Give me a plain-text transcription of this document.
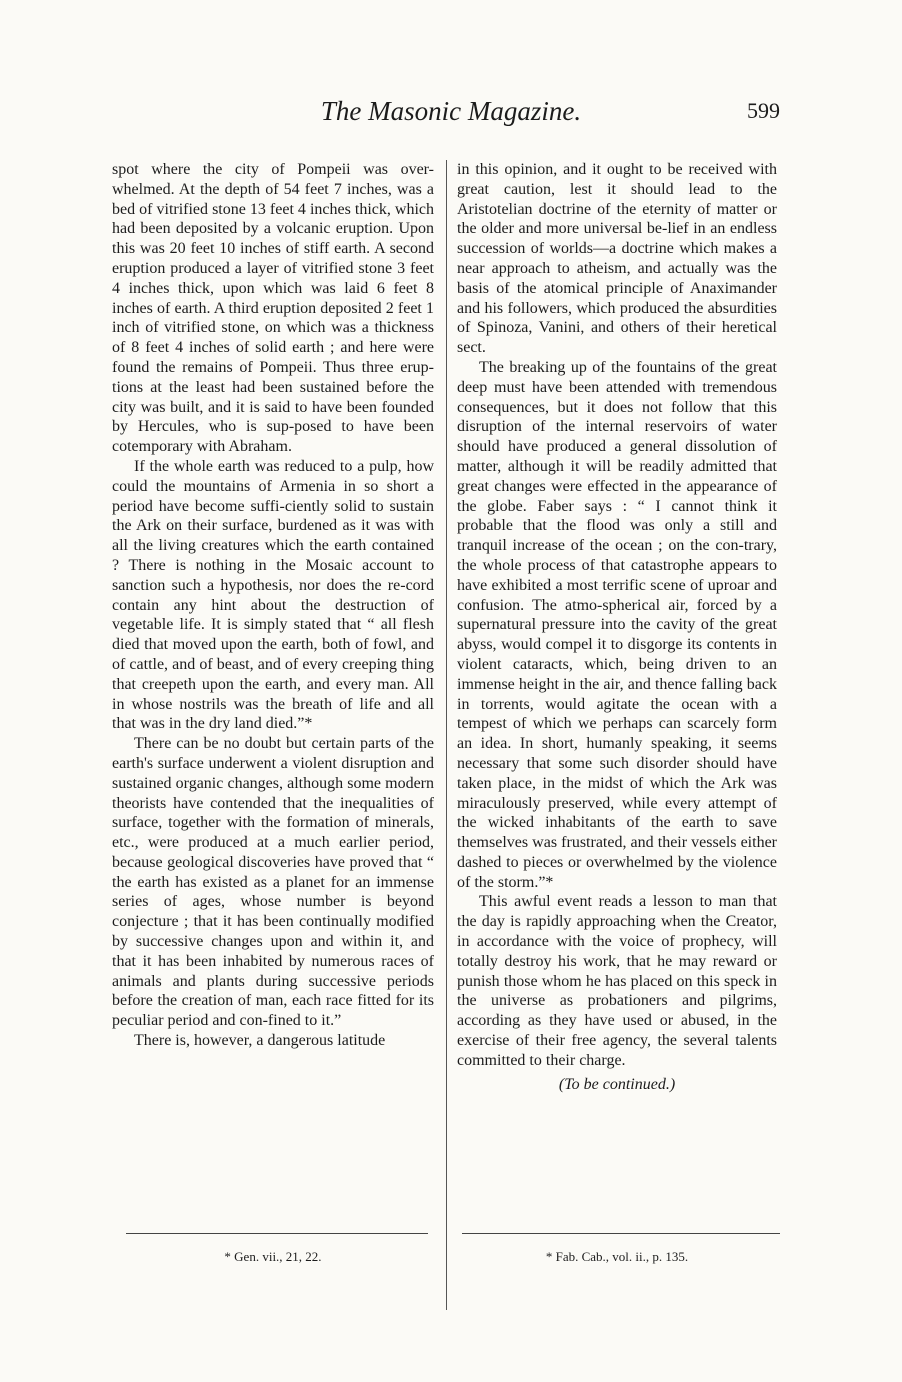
The Masonic Magazine.	599

spot where the city of Pompeii was over-whelmed. At the depth of 54 feet 7 inches, was a bed of vitrified stone 13 feet 4 inches thick, which had been deposited by a volcanic eruption. Upon this was 20 feet 10 inches of stiff earth. A second eruption produced a layer of vitrified stone 3 feet 4 inches thick, upon which was laid 6 feet 8 inches of earth. A third eruption deposited 2 feet 1 inch of vitrified stone, on which was a thickness of 8 feet 4 inches of solid earth ; and here were found the remains of Pompeii. Thus three erup-tions at the least had been sustained before the city was built, and it is said to have been founded by Hercules, who is sup-posed to have been cotemporary with Abraham.

If the whole earth was reduced to a pulp, how could the mountains of Armenia in so short a period have become suffi-ciently solid to sustain the Ark on their surface, burdened as it was with all the living creatures which the earth contained ? There is nothing in the Mosaic account to sanction such a hypothesis, nor does the re-cord contain any hint about the destruction of vegetable life. It is simply stated that “ all flesh died that moved upon the earth, both of fowl, and of cattle, and of beast, and of every creeping thing that creepeth upon the earth, and every man. All in whose nostrils was the breath of life and all that was in the dry land died.”*

There can be no doubt but certain parts of the earth's surface underwent a violent disruption and sustained organic changes, although some modern theorists have contended that the inequalities of surface, together with the formation of minerals, etc., were produced at a much earlier period, because geological discoveries have proved that “ the earth has existed as a planet for an immense series of ages, whose number is beyond conjecture ; that it has been continually modified by successive changes upon and within it, and that it has been inhabited by numerous races of animals and plants during successive periods before the creation of man, each race fitted for its peculiar period and con-fined to it.”

There is, however, a dangerous latitude

in this opinion, and it ought to be received with great caution, lest it should lead to the Aristotelian doctrine of the eternity of matter or the older and more universal be-lief in an endless succession of worlds—a doctrine which makes a near approach to atheism, and actually was the basis of the atomical principle of Anaximander and his followers, which produced the absurdities of Spinoza, Vanini, and others of their heretical sect.

The breaking up of the fountains of the great deep must have been attended with tremendous consequences, but it does not follow that this disruption of the internal reservoirs of water should have produced a general dissolution of matter, although it will be readily admitted that great changes were effected in the appearance of the globe. Faber says : “ I cannot think it probable that the flood was only a still and tranquil increase of the ocean ; on the con-trary, the whole process of that catastrophe appears to have exhibited a most terrific scene of uproar and confusion. The atmo-spherical air, forced by a supernatural pressure into the cavity of the great abyss, would compel it to disgorge its contents in violent cataracts, which, being driven to an immense height in the air, and thence falling back in torrents, would agitate the ocean with a tempest of which we perhaps can scarcely form an idea. In short, humanly speaking, it seems necessary that some such disorder should have taken place, in the midst of which the Ark was miraculously preserved, while every attempt of the wicked inhabitants of the earth to save themselves was frustrated, and their vessels either dashed to pieces or overwhelmed by the violence of the storm.”*

This awful event reads a lesson to man that the day is rapidly approaching when the Creator, in accordance with the voice of prophecy, will totally destroy his work, that he may reward or punish those whom he has placed on this speck in the universe as probationers and pilgrims, according as they have used or abused, in the exercise of their free agency, the several talents committed to their charge.

(To be continued.)

* Gen. vii., 21, 22.	* Fab. Cab., vol. ii., p. 135.
